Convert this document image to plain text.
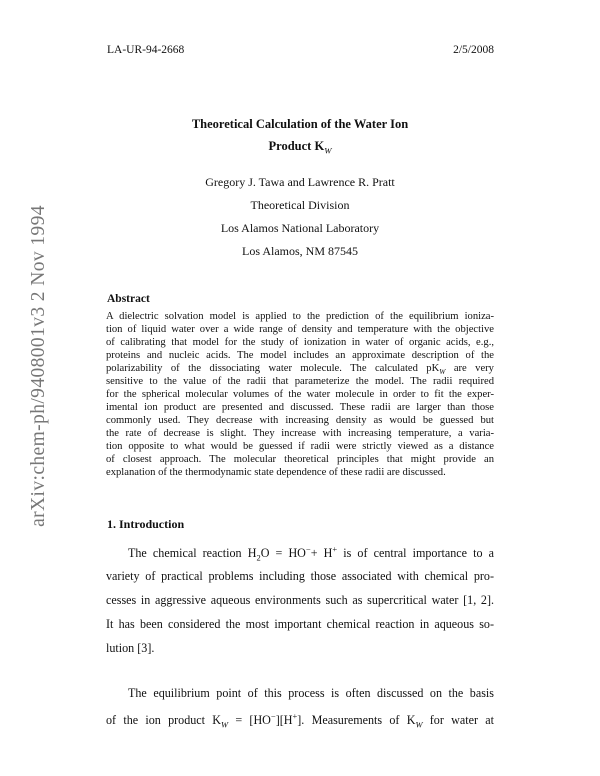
LA-UR-94-2668	2/5/2008
arXiv:chem-ph/9408001v3 2 Nov 1994
Theoretical Calculation of the Water Ion
Product $K_W$
Gregory J. Tawa and Lawrence R. Pratt
Theoretical Division
Los Alamos National Laboratory
Los Alamos, NM 87545
Abstract
A dielectric solvation model is applied to the prediction of the equilibrium ioniza-
tion of liquid water over a wide range of density and temperature with the objective
of calibrating that model for the study of ionization in water of organic acids, e.g.,
proteins and nucleic acids. The model includes an approximate description of the
polarizability of the dissociating water molecule. The calculated $pK_W$ are very
sensitive to the value of the radii that parameterize the model. The radii required
for the spherical molecular volumes of the water molecule in order to fit the exper-
imental ion product are presented and discussed. These radii are larger than those
commonly used. They decrease with increasing density as would be guessed but
the rate of decrease is slight. They increase with increasing temperature, a varia-
tion opposite to what would be guessed if radii were strictly viewed as a distance
of closest approach. The molecular theoretical principles that might provide an
explanation of the thermodynamic state dependence of these radii are discussed.
1. Introduction
The chemical reaction $H_2O = HO^-+ H^+$ is of central importance to a
variety of practical problems including those associated with chemical pro-
cesses in aggressive aqueous environments such as supercritical water [1, 2].
It has been considered the most important chemical reaction in aqueous so-
lution [3].
The equilibrium point of this process is often discussed on the basis
of the ion product $K_W = [HO^-][H^+]$. Measurements of $K_W$ for water at
